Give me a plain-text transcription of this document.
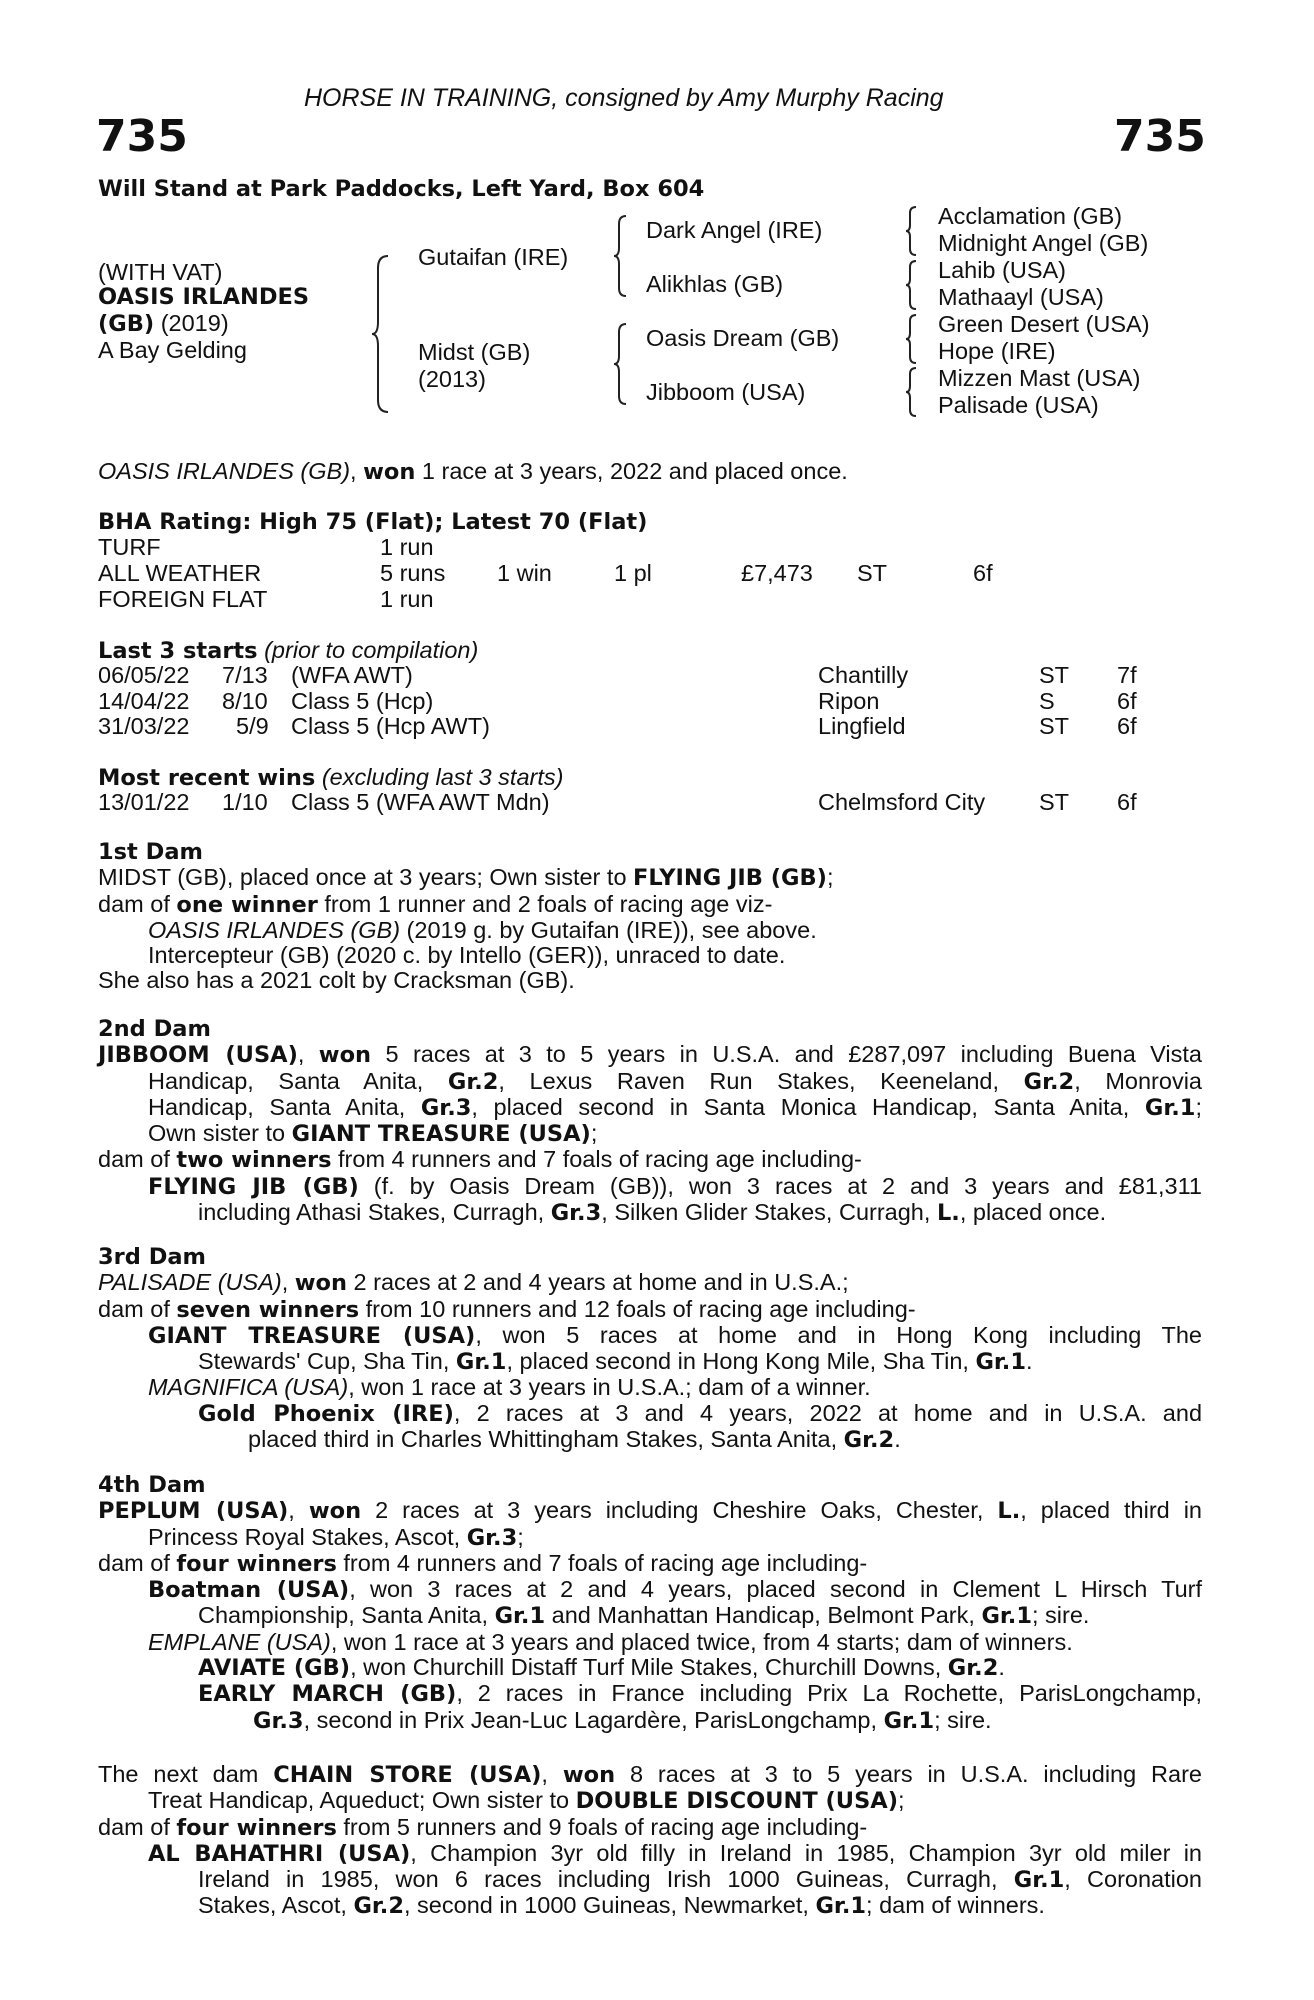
HORSE IN TRAINING, consigned by Amy Murphy Racing
735	735
Will Stand at Park Paddocks, Left Yard, Box 604
(WITH VAT)
OASIS IRLANDES
(GB) (2019)
A Bay Gelding
Gutaifan (IRE)
Midst (GB)
(2013)
Dark Angel (IRE)
Alikhlas (GB)
Oasis Dream (GB)
Jibboom (USA)
Acclamation (GB)
Midnight Angel (GB)
Lahib (USA)
Mathaayl (USA)
Green Desert (USA)
Hope (IRE)
Mizzen Mast (USA)
Palisade (USA)
OASIS IRLANDES (GB), won 1 race at 3 years, 2022 and placed once.
BHA Rating: High 75 (Flat); Latest 70 (Flat)
TURF	1 run
ALL WEATHER	5 runs 1 win	1 pl	£7,473 ST	6f
FOREIGN FLAT	1 run
Last 3 starts (prior to compilation)
06/05/22 7/13 (WFA AWT)	Chantilly	ST 7f
14/04/22 8/10 Class 5 (Hcp)	Ripon	S	6f
31/03/22 5/9 Class 5 (Hcp AWT)	Lingfield	ST 6f
Most recent wins (excluding last 3 starts)
13/01/22 1/10 Class 5 (WFA AWT Mdn)	Chelmsford City ST 6f
1st Dam
MIDST (GB), placed once at 3 years; Own sister to FLYING JIB (GB);
dam of one winner from 1 runner and 2 foals of racing age viz-
OASIS IRLANDES (GB) (2019 g. by Gutaifan (IRE)), see above.
Intercepteur (GB) (2020 c. by Intello (GER)), unraced to date.
She also has a 2021 colt by Cracksman (GB).
2nd Dam
JIBBOOM (USA), won 5 races at 3 to 5 years in U.S.A. and £287,097 including Buena Vista
Handicap, Santa Anita, Gr.2, Lexus Raven Run Stakes, Keeneland, Gr.2, Monrovia
Handicap, Santa Anita, Gr.3, placed second in Santa Monica Handicap, Santa Anita, Gr.1;
Own sister to GIANT TREASURE (USA);
dam of two winners from 4 runners and 7 foals of racing age including-
FLYING JIB (GB) (f. by Oasis Dream (GB)), won 3 races at 2 and 3 years and £81,311
including Athasi Stakes, Curragh, Gr.3, Silken Glider Stakes, Curragh, L., placed once.
3rd Dam
PALISADE (USA), won 2 races at 2 and 4 years at home and in U.S.A.;
dam of seven winners from 10 runners and 12 foals of racing age including-
GIANT TREASURE (USA), won 5 races at home and in Hong Kong including The
Stewards' Cup, Sha Tin, Gr.1, placed second in Hong Kong Mile, Sha Tin, Gr.1.
MAGNIFICA (USA), won 1 race at 3 years in U.S.A.; dam of a winner.
Gold Phoenix (IRE), 2 races at 3 and 4 years, 2022 at home and in U.S.A. and
placed third in Charles Whittingham Stakes, Santa Anita, Gr.2.
4th Dam
PEPLUM (USA), won 2 races at 3 years including Cheshire Oaks, Chester, L., placed third in
Princess Royal Stakes, Ascot, Gr.3;
dam of four winners from 4 runners and 7 foals of racing age including-
Boatman (USA), won 3 races at 2 and 4 years, placed second in Clement L Hirsch Turf
Championship, Santa Anita, Gr.1 and Manhattan Handicap, Belmont Park, Gr.1; sire.
EMPLANE (USA), won 1 race at 3 years and placed twice, from 4 starts; dam of winners.
AVIATE (GB), won Churchill Distaff Turf Mile Stakes, Churchill Downs, Gr.2.
EARLY MARCH (GB), 2 races in France including Prix La Rochette, ParisLongchamp,
Gr.3, second in Prix Jean-Luc Lagardère, ParisLongchamp, Gr.1; sire.
The next dam CHAIN STORE (USA), won 8 races at 3 to 5 years in U.S.A. including Rare
Treat Handicap, Aqueduct; Own sister to DOUBLE DISCOUNT (USA);
dam of four winners from 5 runners and 9 foals of racing age including-
AL BAHATHRI (USA), Champion 3yr old filly in Ireland in 1985, Champion 3yr old miler in
Ireland in 1985, won 6 races including Irish 1000 Guineas, Curragh, Gr.1, Coronation
Stakes, Ascot, Gr.2, second in 1000 Guineas, Newmarket, Gr.1; dam of winners.
